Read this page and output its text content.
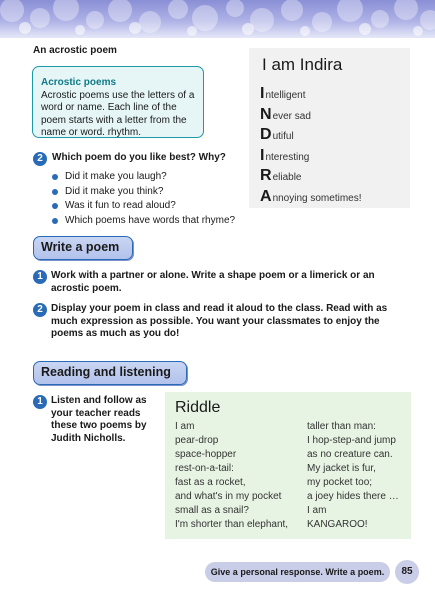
An acrostic poem
Acrostic poems
Acrostic poems use the letters of a word or name. Each line of the poem starts with a letter from the name or word. rhythm.
I am Indira
Intelligent
Never sad
Dutiful
Interesting
Reliable
Annoying sometimes!
2 Which poem do you like best? Why?
Did it make you laugh?
Did it make you think?
Was it fun to read aloud?
Which poems have words that rhyme?
Write a poem
1 Work with a partner or alone. Write a shape poem or a limerick or an acrostic poem.
2 Display your poem in class and read it aloud to the class. Read with as much expression as possible. You want your classmates to enjoy the poems as much as you do!
Reading and listening
1 Listen and follow as your teacher reads these two poems by Judith Nicholls.
Riddle
I am
pear-drop
space-hopper
rest-on-a-tail:
fast as a rocket,
and what's in my pocket
small as a snail?
I'm shorter than elephant,
taller than man:
I hop-step-and jump
as no creature can.
My jacket is fur,
my pocket too;
a joey hides there …
I am
KANGAROO!
Give a personal response. Write a poem.	85
